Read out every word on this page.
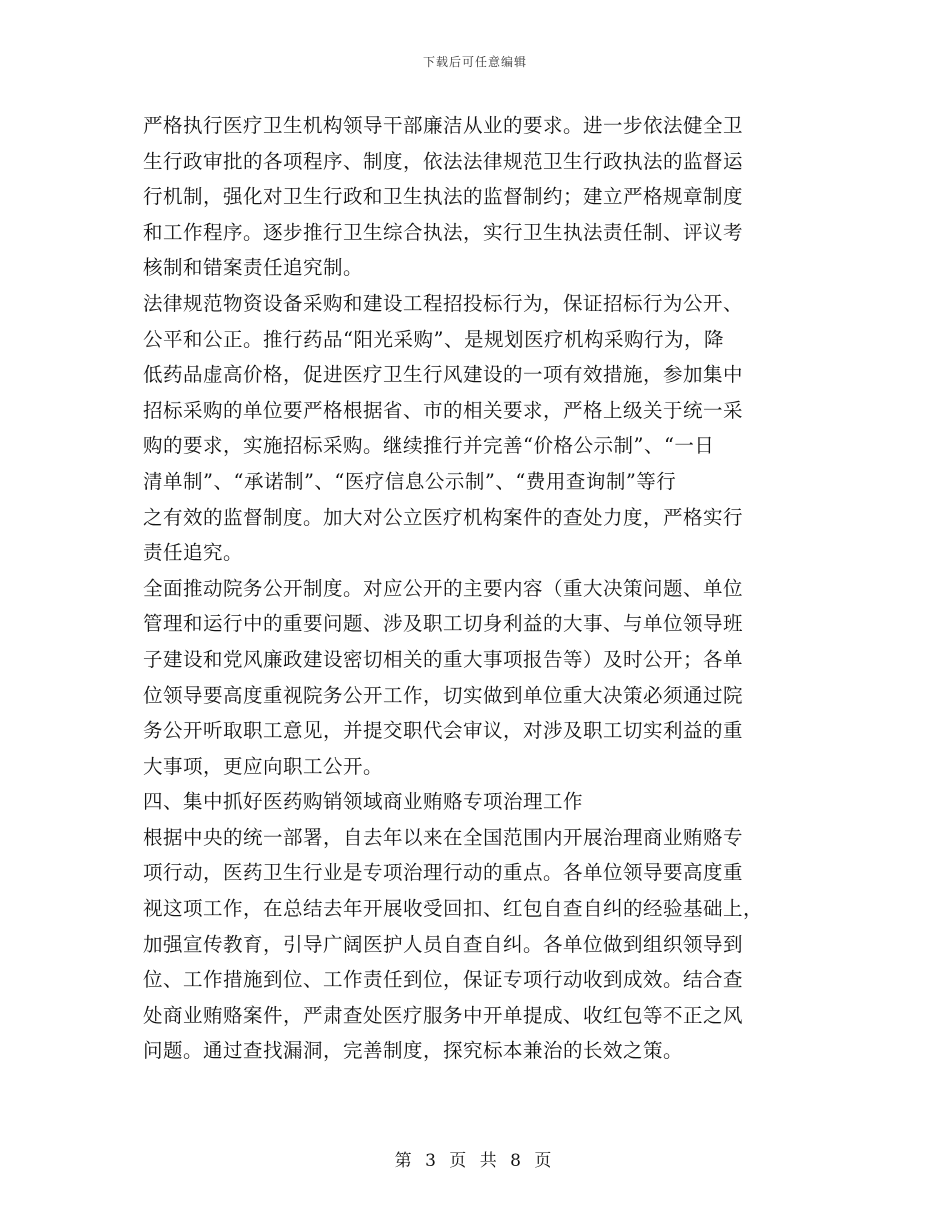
下载后可任意编辑
严格执行医疗卫生机构领导干部廉洁从业的要求。进一步依法健全卫
生行政审批的各项程序、制度，依法法律规范卫生行政执法的监督运
行机制，强化对卫生行政和卫生执法的监督制约；建立严格规章制度
和工作程序。逐步推行卫生综合执法，实行卫生执法责任制、评议考
核制和错案责任追究制。
法律规范物资设备采购和建设工程招投标行为，保证招标行为公开、
公平和公正。推行药品“阳光采购”、是规划医疗机构采购行为，降
低药品虚高价格，促进医疗卫生行风建设的一项有效措施，参加集中
招标采购的单位要严格根据省、市的相关要求，严格上级关于统一采
购的要求，实施招标采购。继续推行并完善“价格公示制”、“一日
清单制”、“承诺制”、“医疗信息公示制”、“费用查询制”等行
之有效的监督制度。加大对公立医疗机构案件的查处力度，严格实行
责任追究。
全面推动院务公开制度。对应公开的主要内容（重大决策问题、单位
管理和运行中的重要问题、涉及职工切身利益的大事、与单位领导班
子建设和党风廉政建设密切相关的重大事项报告等）及时公开；各单
位领导要高度重视院务公开工作，切实做到单位重大决策必须通过院
务公开听取职工意见，并提交职代会审议，对涉及职工切实利益的重
大事项，更应向职工公开。
四、集中抓好医药购销领域商业贿赂专项治理工作
根据中央的统一部署，自去年以来在全国范围内开展治理商业贿赂专
项行动，医药卫生行业是专项治理行动的重点。各单位领导要高度重
视这项工作，在总结去年开展收受回扣、红包自查自纠的经验基础上，
加强宣传教育，引导广阔医护人员自查自纠。各单位做到组织领导到
位、工作措施到位、工作责任到位，保证专项行动收到成效。结合查
处商业贿赂案件，严肃查处医疗服务中开单提成、收红包等不正之风
问题。通过查找漏洞，完善制度，探究标本兼治的长效之策。
第 3 页 共 8 页
